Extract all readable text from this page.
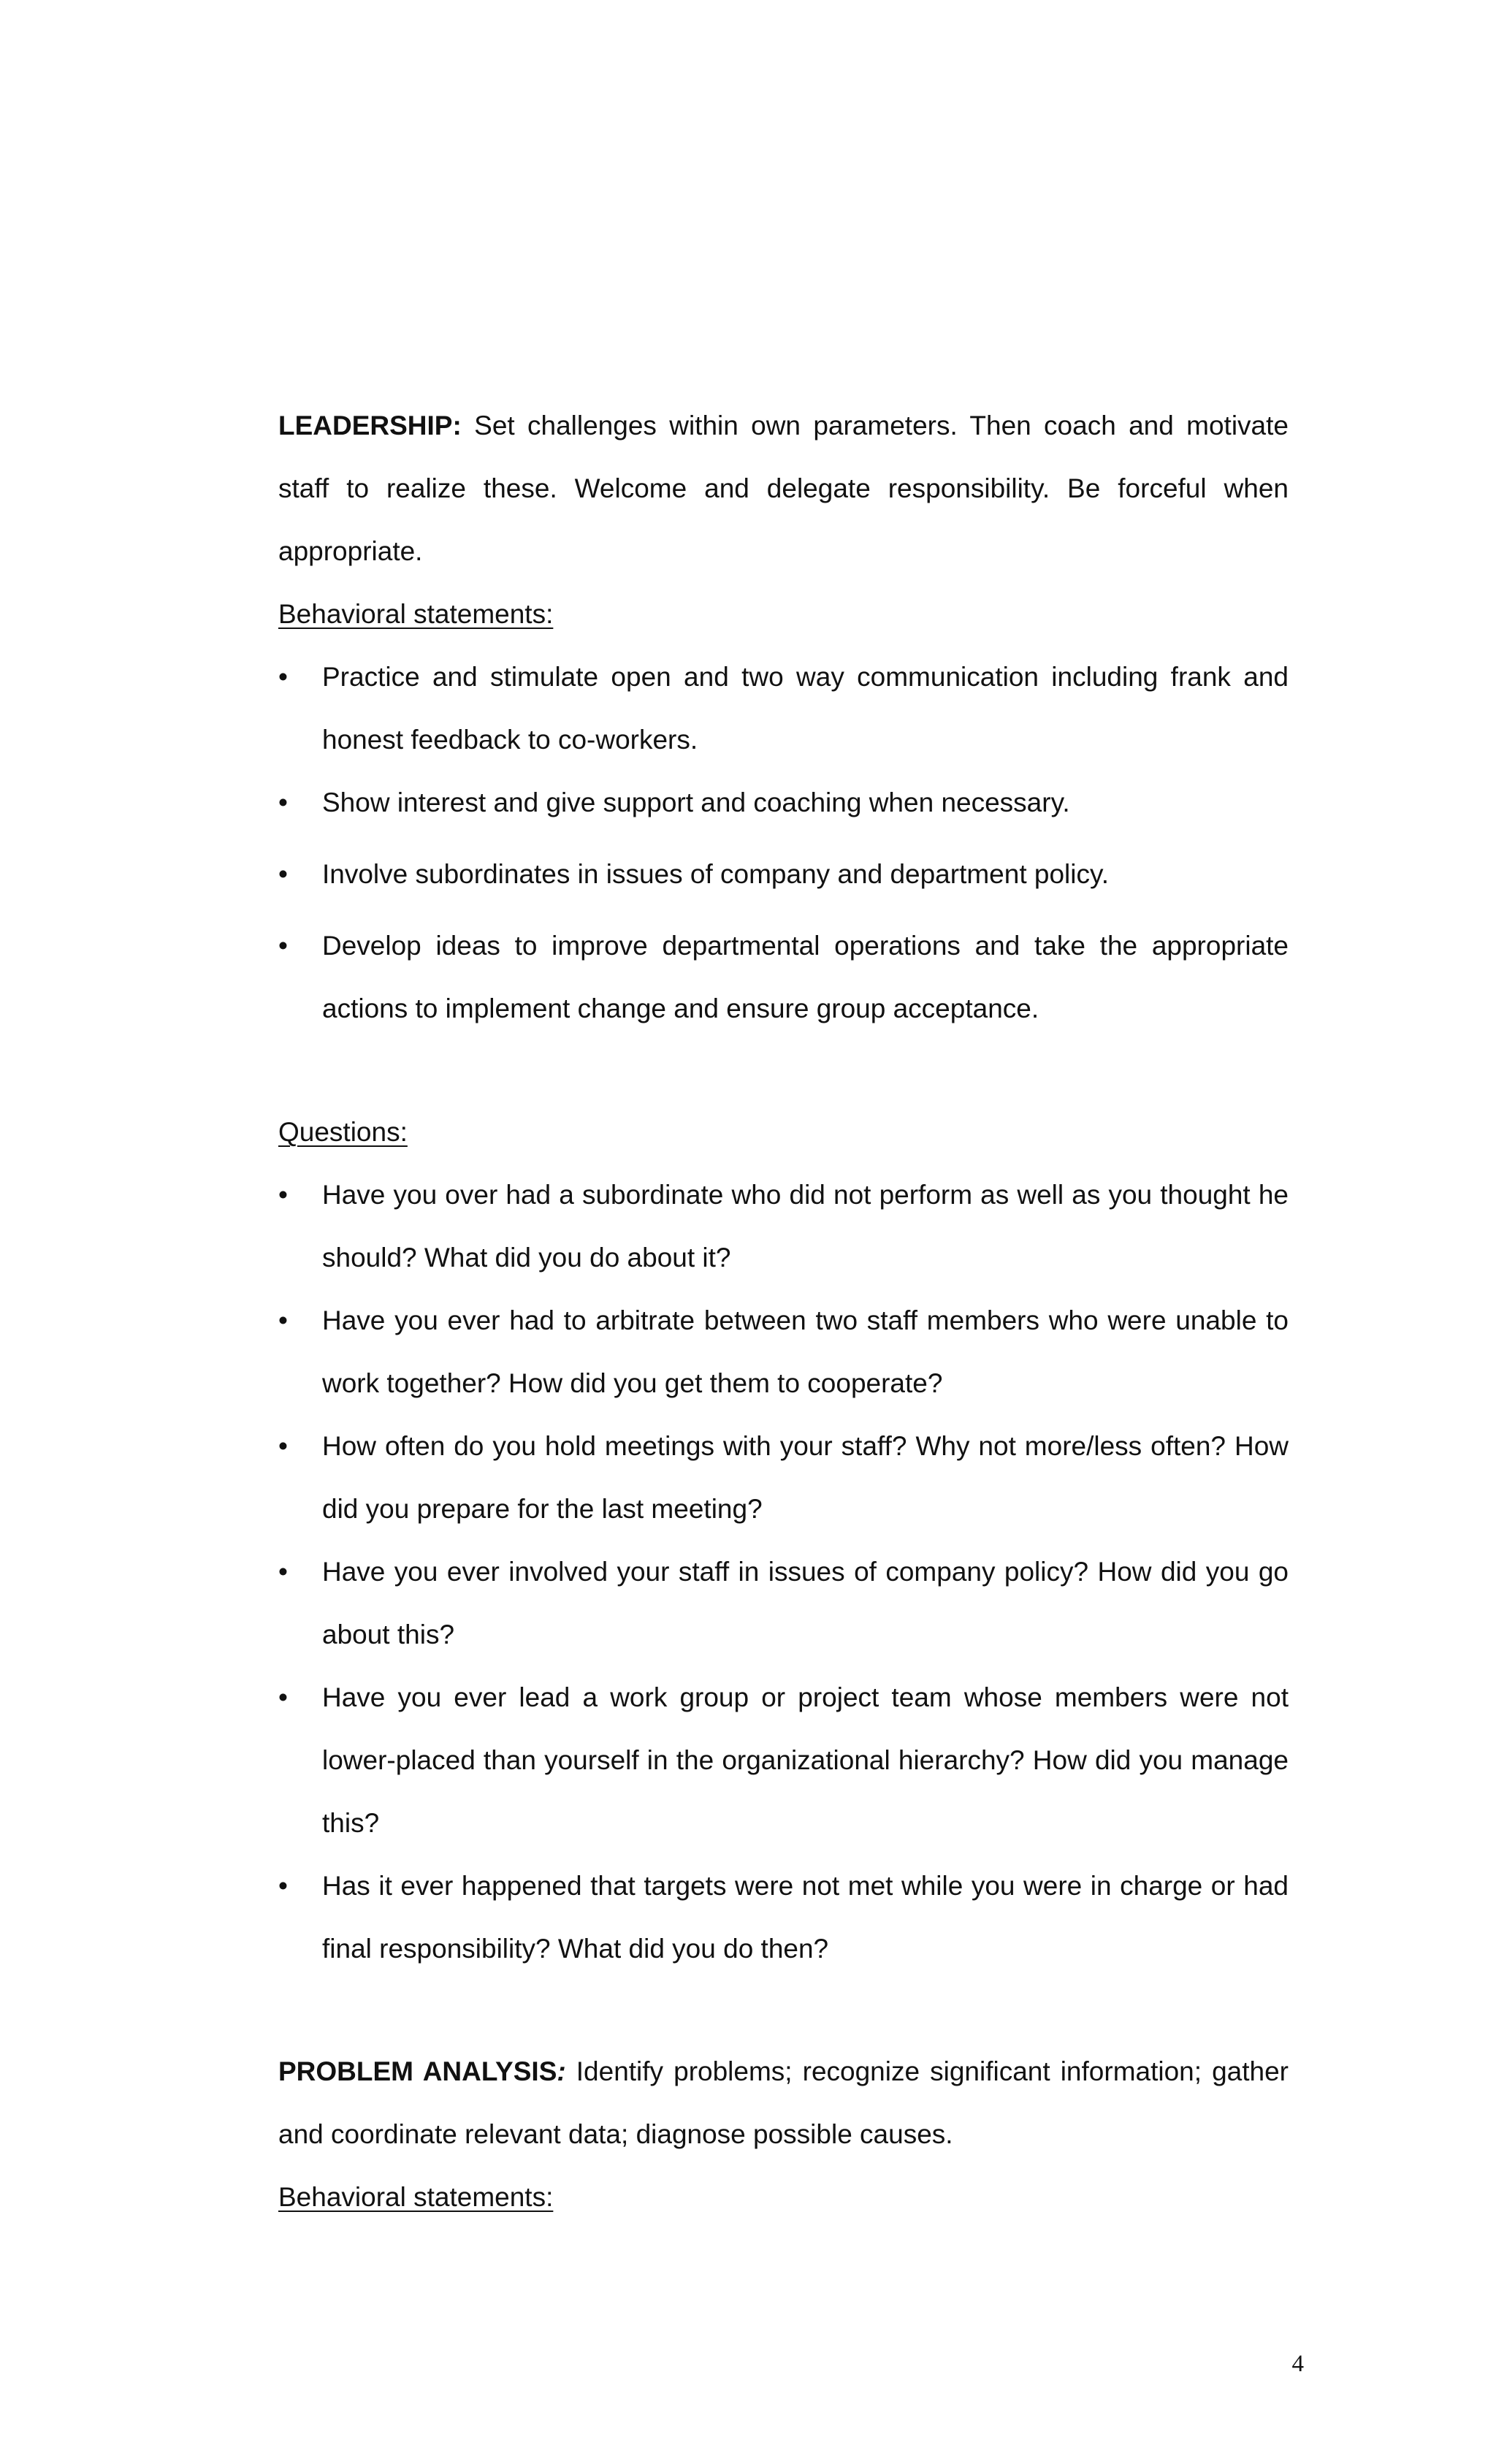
LEADERSHIP: Set challenges within own parameters. Then coach and motivate staff to realize these. Welcome and delegate responsibility. Be forceful when appropriate.

Behavioral statements:

• Practice and stimulate open and two way communication including frank and honest feedback to co-workers.
• Show interest and give support and coaching when necessary.
• Involve subordinates in issues of company and department policy.
• Develop ideas to improve departmental operations and take the appropriate actions to implement change and ensure group acceptance.

Questions:

• Have you over had a subordinate who did not perform as well as you thought he should? What did you do about it?
• Have you ever had to arbitrate between two staff members who were unable to work together? How did you get them to cooperate?
• How often do you hold meetings with your staff? Why not more/less often? How did you prepare for the last meeting?
• Have you ever involved your staff in issues of company policy? How did you go about this?
• Have you ever lead a work group or project team whose members were not lower-placed than yourself in the organizational hierarchy? How did you manage this?
• Has it ever happened that targets were not met while you were in charge or had final responsibility? What did you do then?

PROBLEM ANALYSIS: Identify problems; recognize significant information; gather and coordinate relevant data; diagnose possible causes.

Behavioral statements:

4
